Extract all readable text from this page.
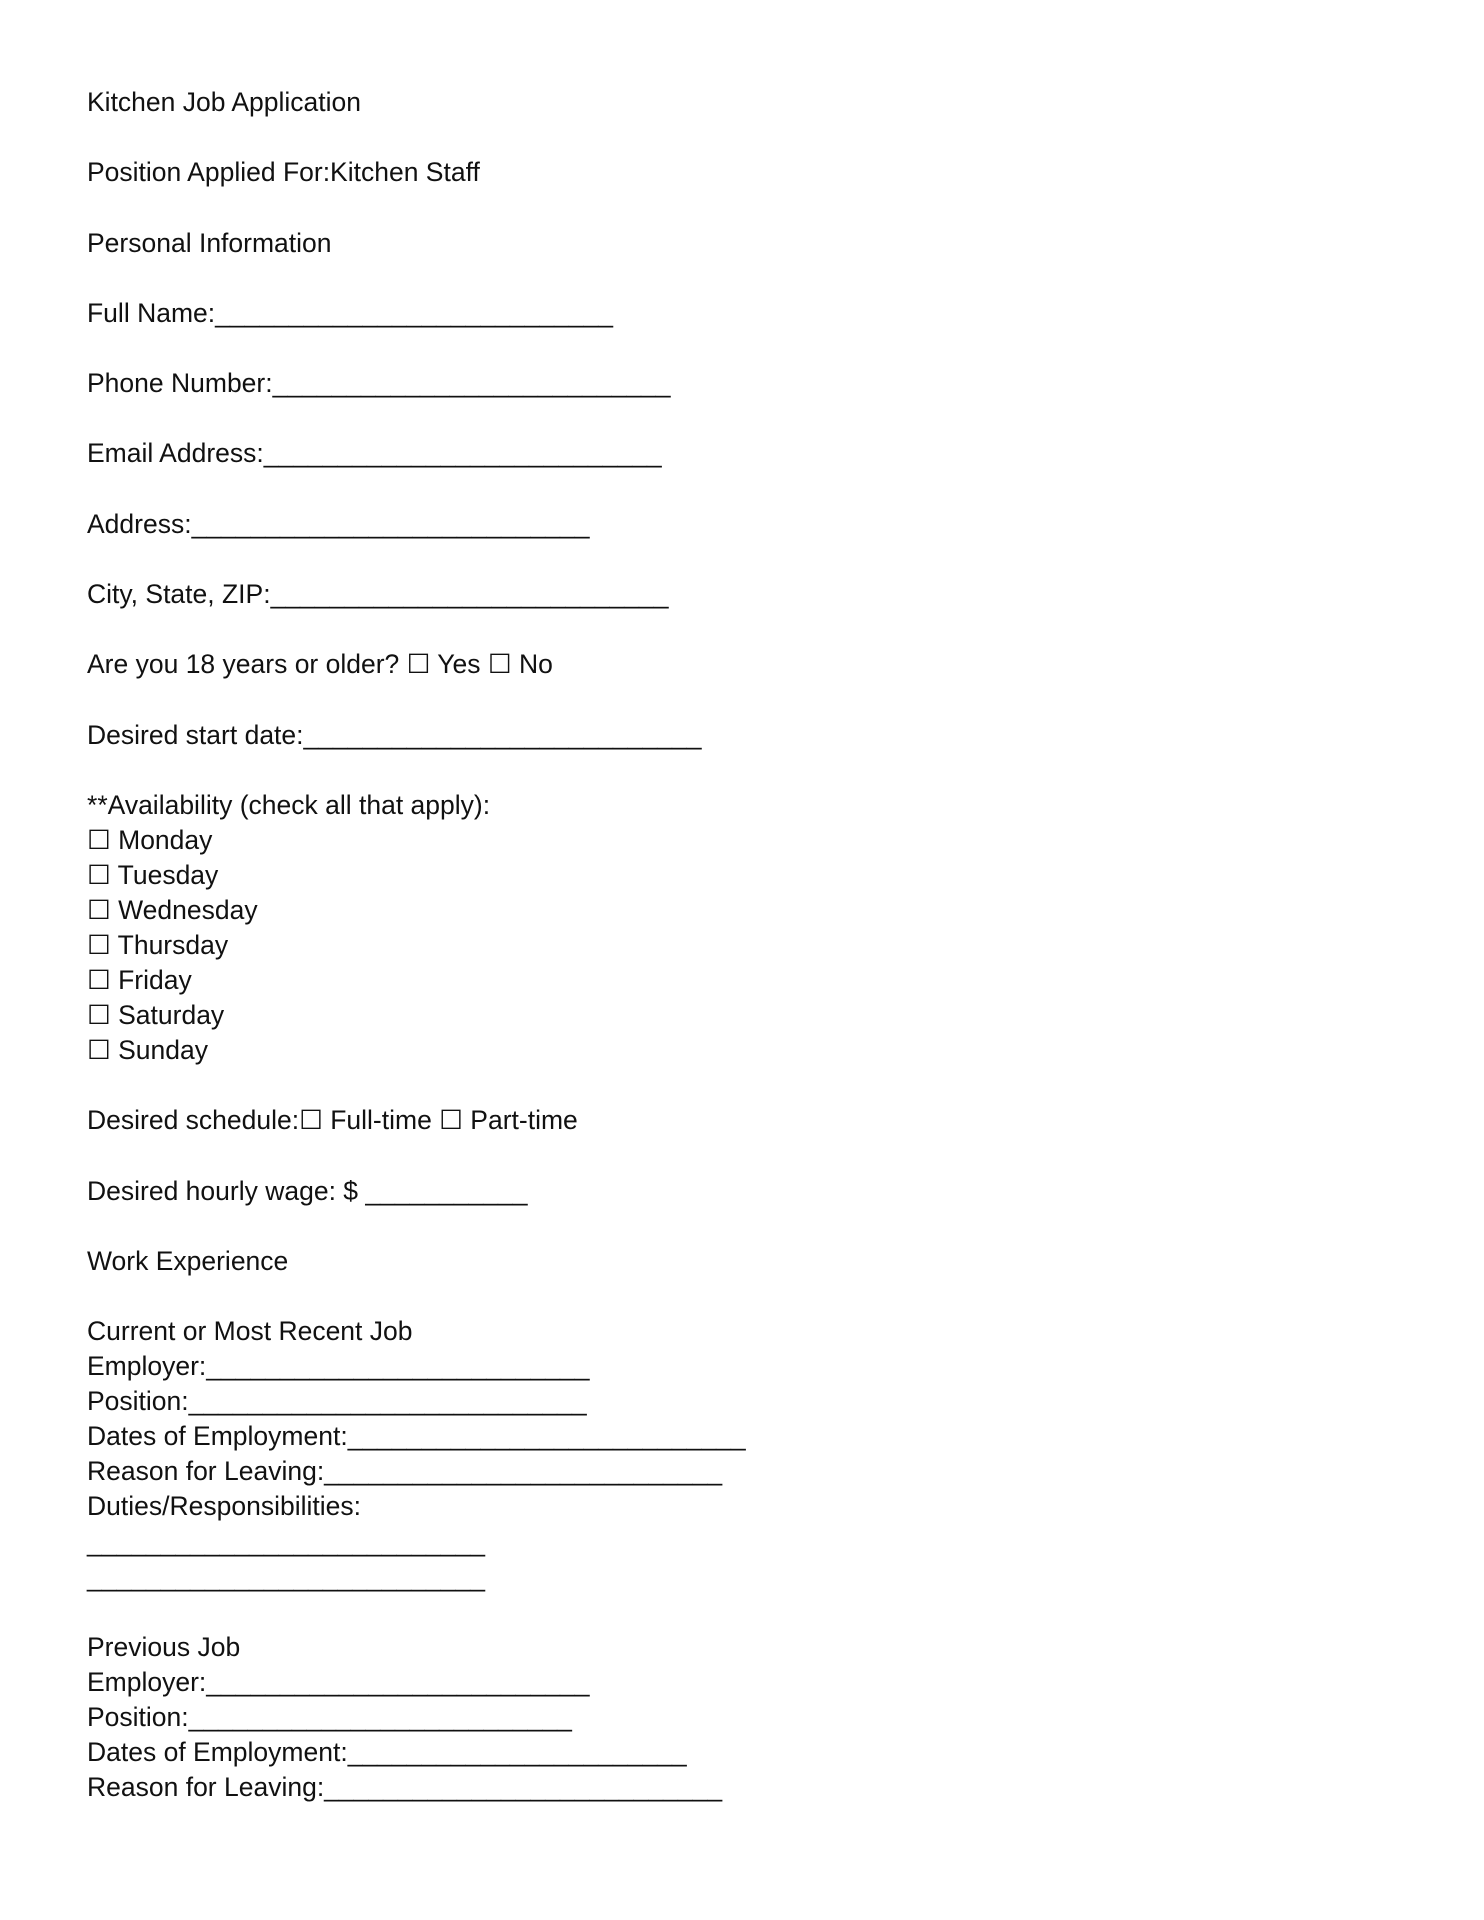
Kitchen Job Application
Position Applied For:Kitchen Staff
Personal Information
Full Name:___________________________
Phone Number:___________________________
Email Address:___________________________
Address:___________________________
City, State, ZIP:___________________________
Are you 18 years or older? ☐ Yes ☐ No
Desired start date:___________________________
**Availability (check all that apply):
☐ Monday
☐ Tuesday
☐ Wednesday
☐ Thursday
☐ Friday
☐ Saturday
☐ Sunday
Desired schedule:☐ Full-time ☐ Part-time
Desired hourly wage: $ ___________
Work Experience
Current or Most Recent Job
Employer:__________________________
Position:___________________________
Dates of Employment:___________________________
Reason for Leaving:___________________________
Duties/Responsibilities:
___________________________
___________________________
Previous Job
Employer:__________________________
Position:__________________________
Dates of Employment:_______________________
Reason for Leaving:___________________________
